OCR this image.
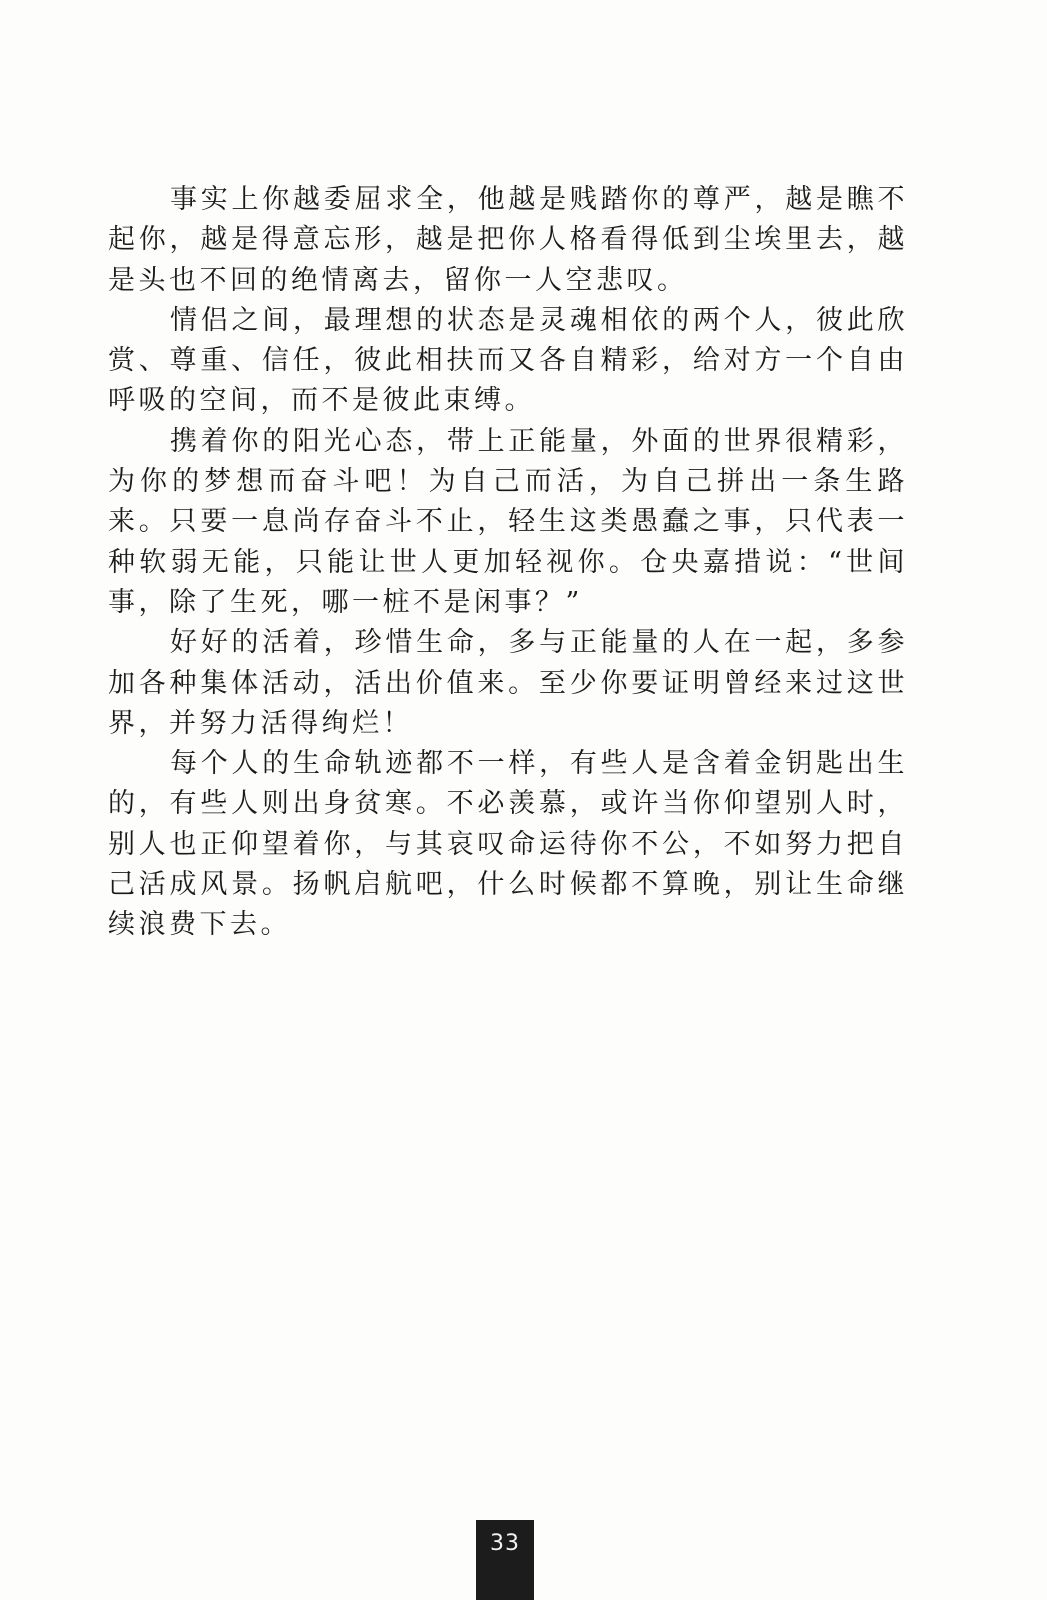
事实上你越委屈求全，他越是贱踏你的尊严，越是瞧不起你，越是得意忘形，越是把你人格看得低到尘埃里去，越是头也不回的绝情离去，留你一人空悲叹。

情侣之间，最理想的状态是灵魂相依的两个人，彼此欣赏、尊重、信任，彼此相扶而又各自精彩，给对方一个自由呼吸的空间，而不是彼此束缚。

携着你的阳光心态，带上正能量，外面的世界很精彩，为你的梦想而奋斗吧！为自己而活，为自己拼出一条生路来。只要一息尚存奋斗不止，轻生这类愚蠢之事，只代表一种软弱无能，只能让世人更加轻视你。仓央嘉措说：“世间事，除了生死，哪一桩不是闲事？”

好好的活着，珍惜生命，多与正能量的人在一起，多参加各种集体活动，活出价值来。至少你要证明曾经来过这世界，并努力活得绚烂！

每个人的生命轨迹都不一样，有些人是含着金钥匙出生的，有些人则出身贫寒。不必羡慕，或许当你仰望别人时，别人也正仰望着你，与其哀叹命运待你不公，不如努力把自己活成风景。扬帆启航吧，什么时候都不算晚，别让生命继续浪费下去。

33
